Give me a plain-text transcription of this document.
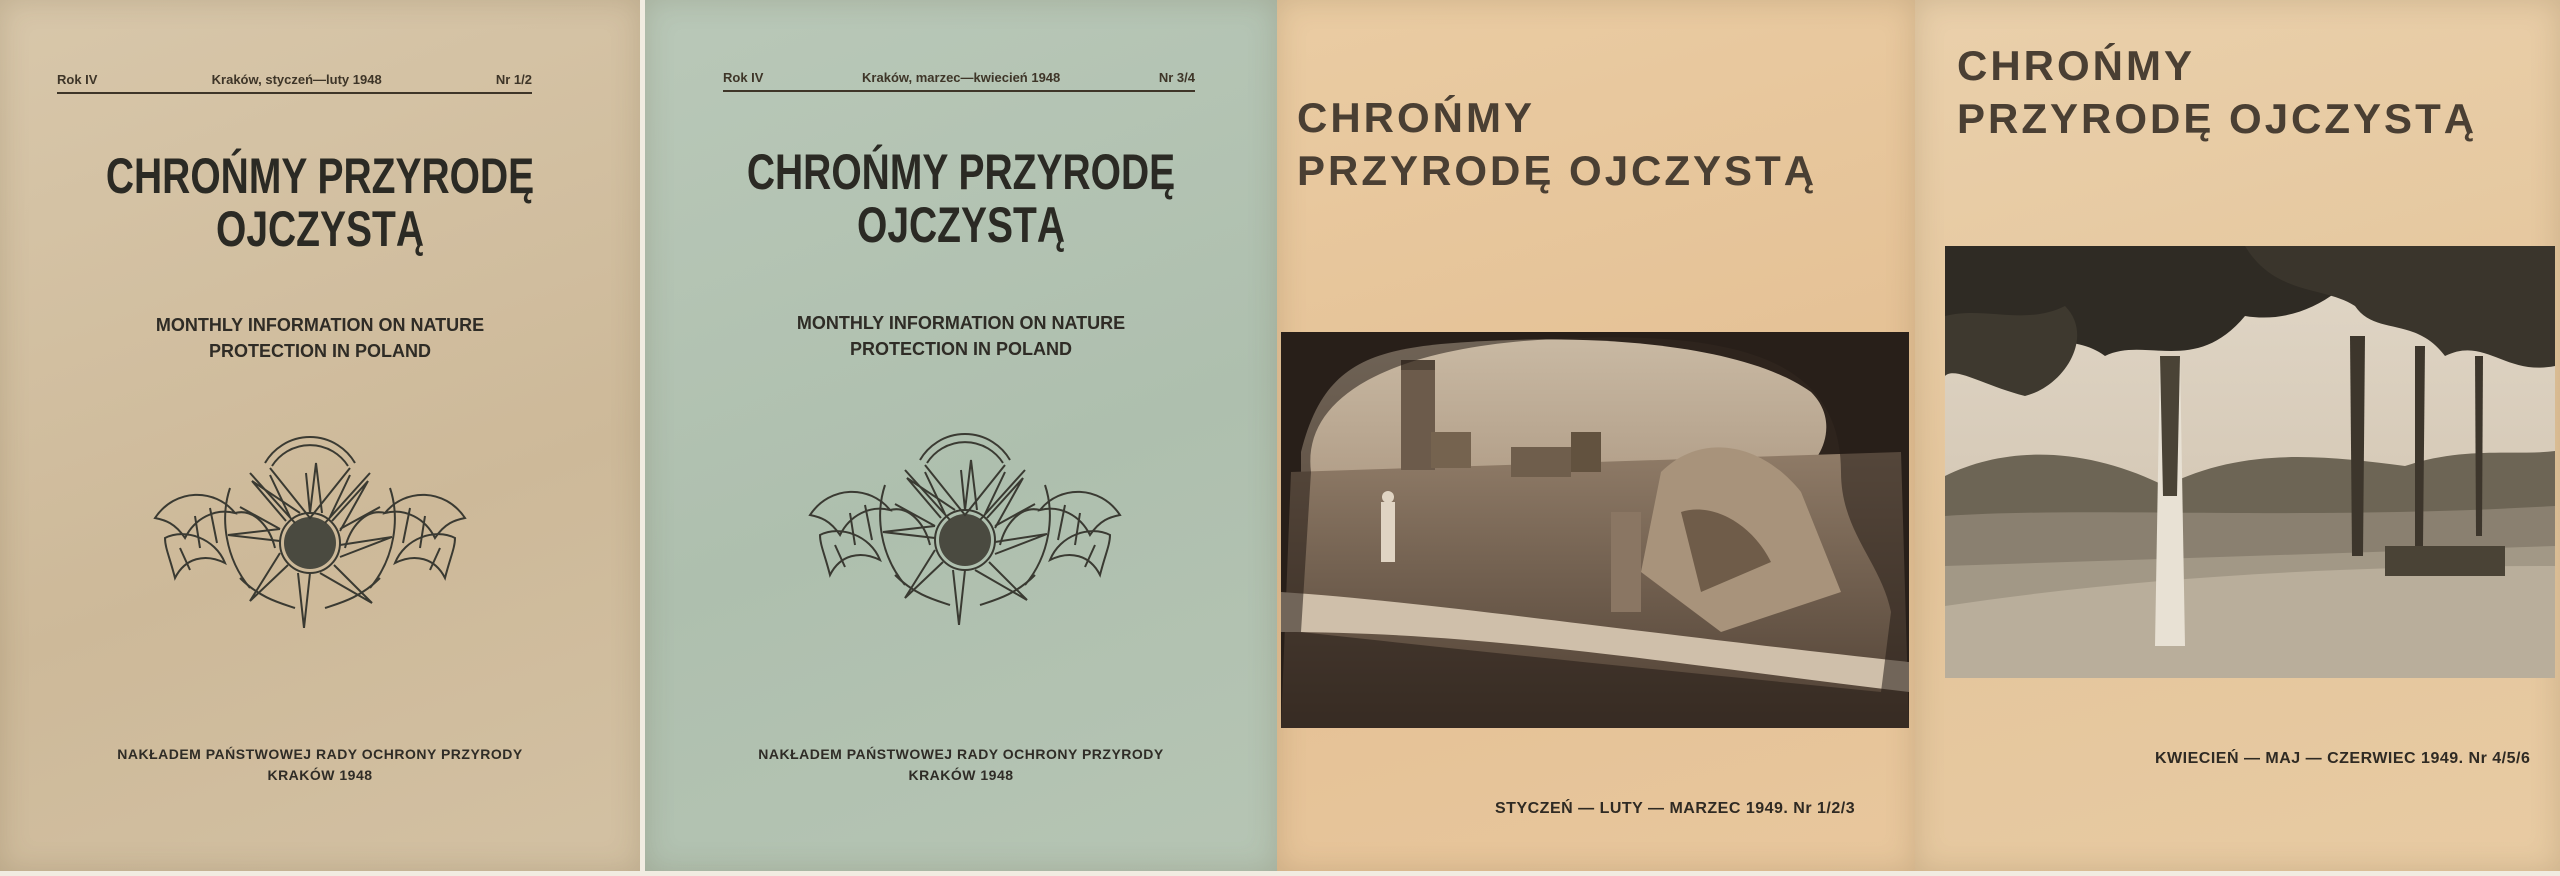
Rok IV	Kraków, styczeń—luty 1948	Nr 1/2
CHROŃMY PRZYRODĘ
OJCZYSTĄ
MONTHLY INFORMATION ON NATURE
PROTECTION IN POLAND
NAKŁADEM PAŃSTWOWEJ RADY OCHRONY PRZYRODY
KRAKÓW 1948
Rok IV	Kraków, marzec—kwiecień 1948	Nr 3/4
CHROŃMY PRZYRODĘ
OJCZYSTĄ
MONTHLY INFORMATION ON NATURE
PROTECTION IN POLAND
NAKŁADEM PAŃSTWOWEJ RADY OCHRONY PRZYRODY
KRAKÓW 1948
CHROŃMY
PRZYRODĘ OJCZYSTĄ
STYCZEŃ — LUTY — MARZEC 1949. Nr 1/2/3
CHROŃMY
PRZYRODĘ OJCZYSTĄ
KWIECIEŃ — MAJ — CZERWIEC 1949. Nr 4/5/6
